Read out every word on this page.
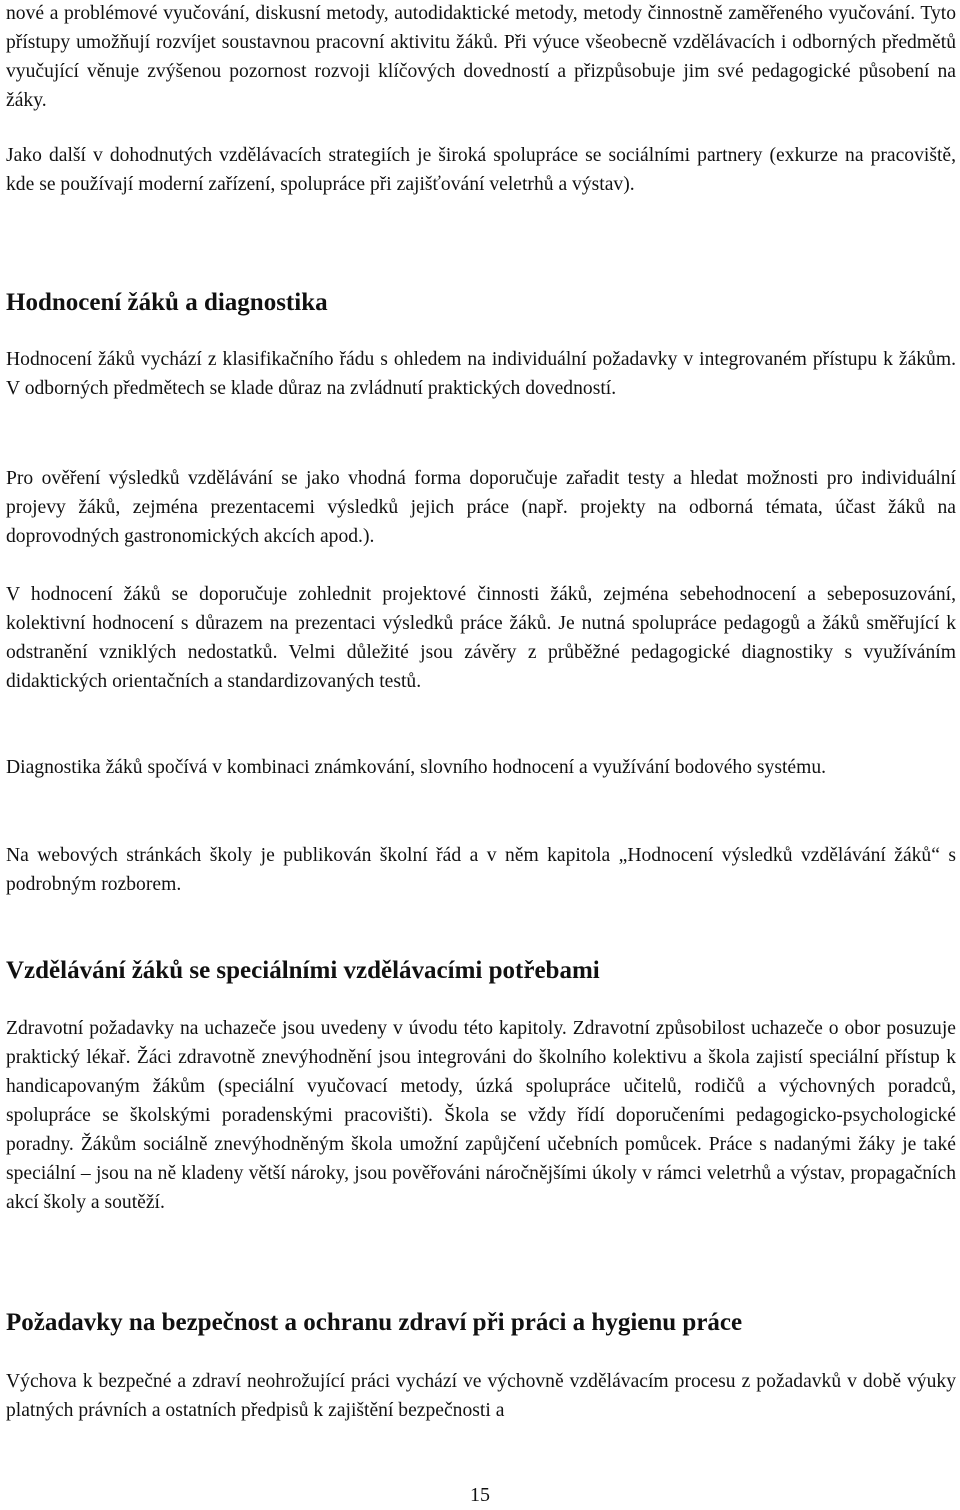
nové a problémové vyučování, diskusní metody, autodidaktické metody, metody činnostně zaměřeného vyučování. Tyto přístupy umožňují rozvíjet soustavnou pracovní aktivitu žáků. Při výuce všeobecně vzdělávacích i odborných předmětů vyučující věnuje zvýšenou pozornost rozvoji klíčových dovedností a přizpůsobuje jim své pedagogické působení na žáky.

Jako další v dohodnutých vzdělávacích strategiích je široká spolupráce se sociálními partnery (exkurze na pracoviště, kde se používají moderní zařízení, spolupráce při zajišťování veletrhů a výstav).

Hodnocení žáků a diagnostika

Hodnocení žáků vychází z klasifikačního řádu s ohledem na individuální požadavky v integrovaném přístupu k žákům. V odborných předmětech se klade důraz na zvládnutí praktických dovedností.

Pro ověření výsledků vzdělávání se jako vhodná forma doporučuje zařadit testy a hledat možnosti pro individuální projevy žáků, zejména prezentacemi výsledků jejich práce (např. projekty na odborná témata, účast žáků na doprovodných gastronomických akcích apod.).

V hodnocení žáků se doporučuje zohlednit projektové činnosti žáků, zejména sebehodnocení a sebeposuzování, kolektivní hodnocení s důrazem na prezentaci výsledků práce žáků. Je nutná spolupráce pedagogů a žáků směřující k odstranění vzniklých nedostatků. Velmi důležité jsou závěry z průběžné pedagogické diagnostiky s využíváním didaktických orientačních a standardizovaných testů.

Diagnostika žáků spočívá v kombinaci známkování, slovního hodnocení a využívání bodového systému.

Na webových stránkách školy je publikován školní řád a v něm kapitola „Hodnocení výsledků vzdělávání žáků“ s podrobným rozborem.

Vzdělávání žáků se speciálními vzdělávacími potřebami

Zdravotní požadavky na uchazeče jsou uvedeny v úvodu této kapitoly. Zdravotní způsobilost uchazeče o obor posuzuje praktický lékař. Žáci zdravotně znevýhodnění jsou integrováni do školního kolektivu a škola zajistí speciální přístup k handicapovaným žákům (speciální vyučovací metody, úzká spolupráce učitelů, rodičů a výchovných poradců, spolupráce se školskými poradenskými pracovišti). Škola se vždy řídí doporučeními pedagogicko-psychologické poradny. Žákům sociálně znevýhodněným škola umožní zapůjčení učebních pomůcek. Práce s nadanými žáky je také speciální – jsou na ně kladeny větší nároky, jsou pověřováni náročnějšími úkoly v rámci veletrhů a výstav, propagačních akcí školy a soutěží.

Požadavky na bezpečnost a ochranu zdraví při práci a hygienu práce

Výchova k bezpečné a zdraví neohrožující práci vychází ve výchovně vzdělávacím procesu z požadavků v době výuky platných právních a ostatních předpisů k zajištění bezpečnosti a

15
